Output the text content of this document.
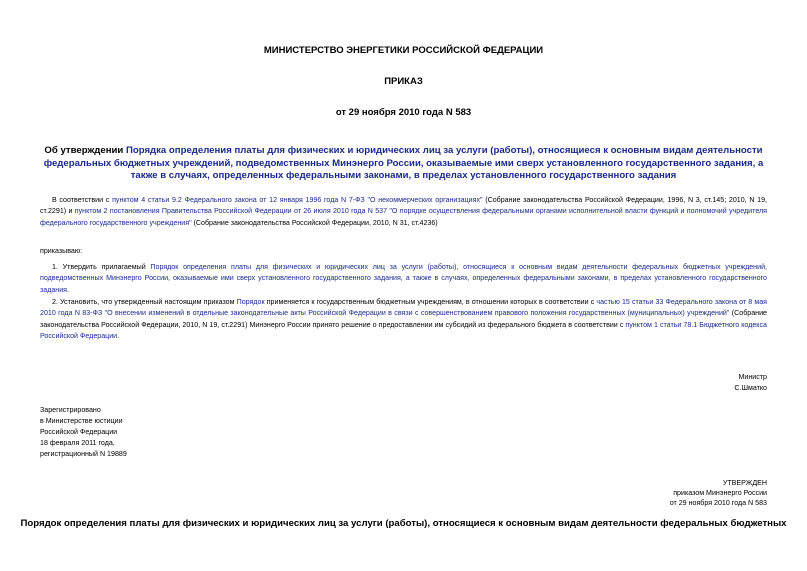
МИНИСТЕРСТВО ЭНЕРГЕТИКИ РОССИЙСКОЙ ФЕДЕРАЦИИ
ПРИКАЗ
от 29 ноября 2010 года N 583
Об утверждении Порядка определения платы для физических и юридических лиц за услуги (работы), относящиеся к основным видам деятельности федеральных бюджетных учреждений, подведомственных Минэнерго России, оказываемые ими сверх установленного государственного задания, а также в случаях, определенных федеральными законами, в пределах установленного государственного задания
В соответствии с пунктом 4 статьи 9.2 Федерального закона от 12 января 1996 года N 7-ФЗ "О некоммерческих организациях" (Собрание законодательства Российской Федерации, 1996, N 3, ст.145; 2010, N 19, ст.2291) и пунктом 2 постановления Правительства Российской Федерации от 26 июля 2010 года N 537 "О порядке осуществления федеральными органами исполнительной власти функций и полномочий учредителя федерального государственного учреждения" (Собрание законодательства Российской Федерации, 2010, N 31, ст.4236)
приказываю:
1. Утвердить прилагаемый Порядок определения платы для физических и юридических лиц за услуги (работы), относящиеся к основным видам деятельности федеральных бюджетных учреждений, подведомственных Минэнерго России, оказываемые ими сверх установленного государственного задания, а также в случаях, определенных федеральными законами, в пределах установленного государственного задания.
2. Установить, что утвержденный настоящим приказом Порядок применяется к государственным бюджетным учреждениям, в отношении которых в соответствии с частью 15 статьи 33 Федерального закона от 8 мая 2010 года N 83-ФЗ "О внесении изменений в отдельные законодательные акты Российской Федерации в связи с совершенствованием правового положения государственных (муниципальных) учреждений" (Собрание законодательства Российской Федерации, 2010, N 19, ст.2291) Минэнерго России принято решение о предоставлении им субсидий из федерального бюджета в соответствии с пунктом 1 статьи 78.1 Бюджетного кодекса Российской Федерации.
Министр
С.Шматко
Зарегистрировано
в Министерстве юстиции
Российской Федерации
18 февраля 2011 года,
регистрационный N 19889
УТВЕРЖДЕН
приказом Минэнерго России
от 29 ноября 2010 года N 583
Порядок определения платы для физических и юридических лиц за услуги (работы), относящиеся к основным видам деятельности федеральных бюджетных
